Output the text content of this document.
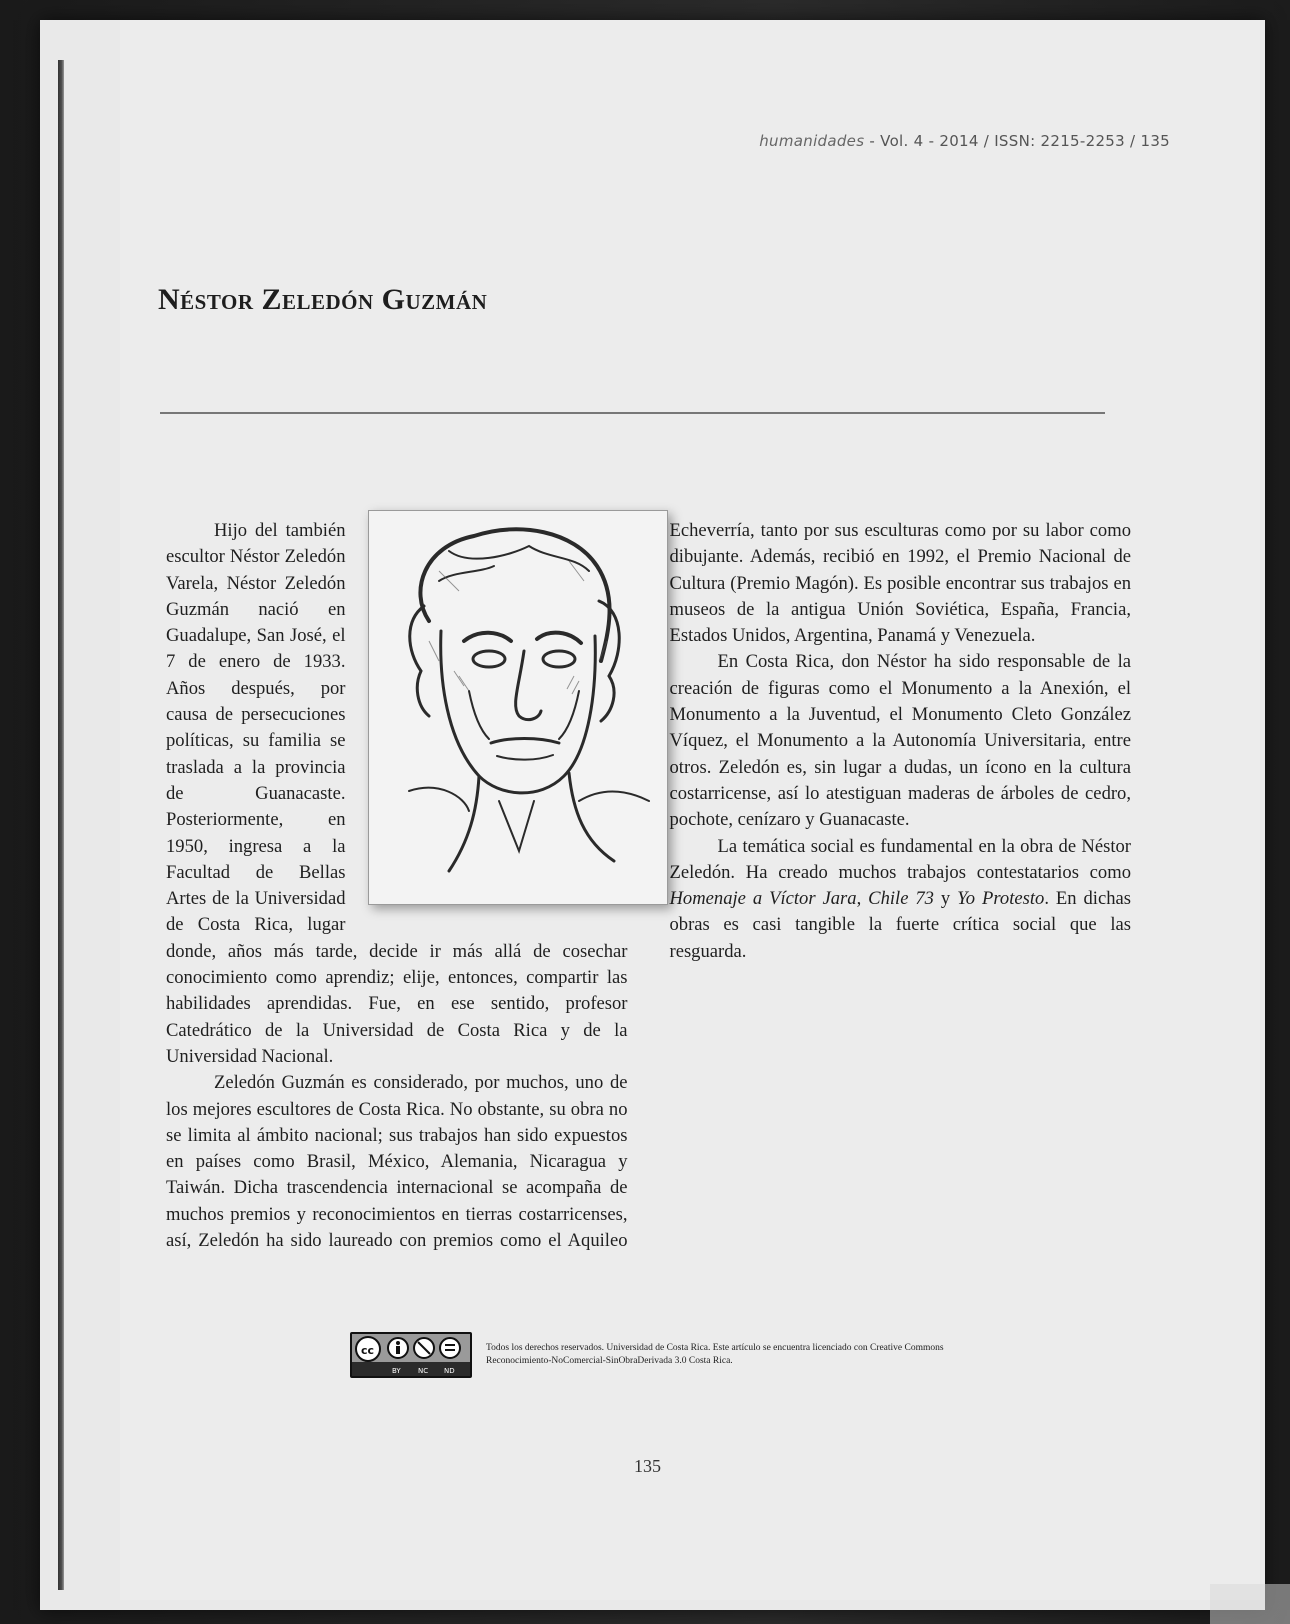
humanidades - Vol. 4 - 2014 / ISSN: 2215-2253 / 135
Néstor Zeledón Guzmán

Hijo del también escultor Néstor Zeledón Varela, Néstor Zeledón Guzmán nació en Guadalupe, San José, el 7 de enero de 1933. Años después, por causa de persecuciones políticas, su familia se traslada a la provincia de Guanacaste. Posteriormente, en 1950, ingresa a la Facultad de Bellas Artes de la Universidad de Costa Rica, lugar donde, años más tarde, decide ir más allá de cosechar conocimiento como aprendiz; elije, entonces, compartir las habilidades aprendidas. Fue, en ese sentido, profesor Catedrático de la Universidad de Costa Rica y de la Universidad Nacional.

Zeledón Guzmán es considerado, por muchos, uno de los mejores escultores de Costa Rica. No obstante, su obra no se limita al ámbito nacional; sus trabajos han sido expuestos en países como Brasil, México, Alemania, Nicaragua y Taiwán. Dicha trascendencia internacional se acompaña de muchos premios y reconocimientos en tierras costarricenses, así, Zeledón ha sido laureado con premios como el Aquileo Echeverría, tanto por sus esculturas como por su labor como dibujante. Además, recibió en 1992, el Premio Nacional de Cultura (Premio Magón). Es posible encontrar sus trabajos en museos de la antigua Unión Soviética, España, Francia, Estados Unidos, Argentina, Panamá y Venezuela.

En Costa Rica, don Néstor ha sido responsable de la creación de figuras como el Monumento a la Anexión, el Monumento a la Juventud, el Monumento Cleto González Víquez, el Monumento a la Autonomía Universitaria, entre otros. Zeledón es, sin lugar a dudas, un ícono en la cultura costarricense, así lo atestiguan maderas de árboles de cedro, pochote, cenízaro y Guanacaste.

La temática social es fundamental en la obra de Néstor Zeledón. Ha creado muchos trabajos contestatarios como Homenaje a Víctor Jara, Chile 73 y Yo Protesto. En dichas obras es casi tangible la fuerte crítica social que las resguarda.

cc
BY NC ND
Todos los derechos reservados. Universidad de Costa Rica. Este artículo se encuentra licenciado con Creative Commons Reconocimiento-NoComercial-SinObraDerivada 3.0 Costa Rica.
135
